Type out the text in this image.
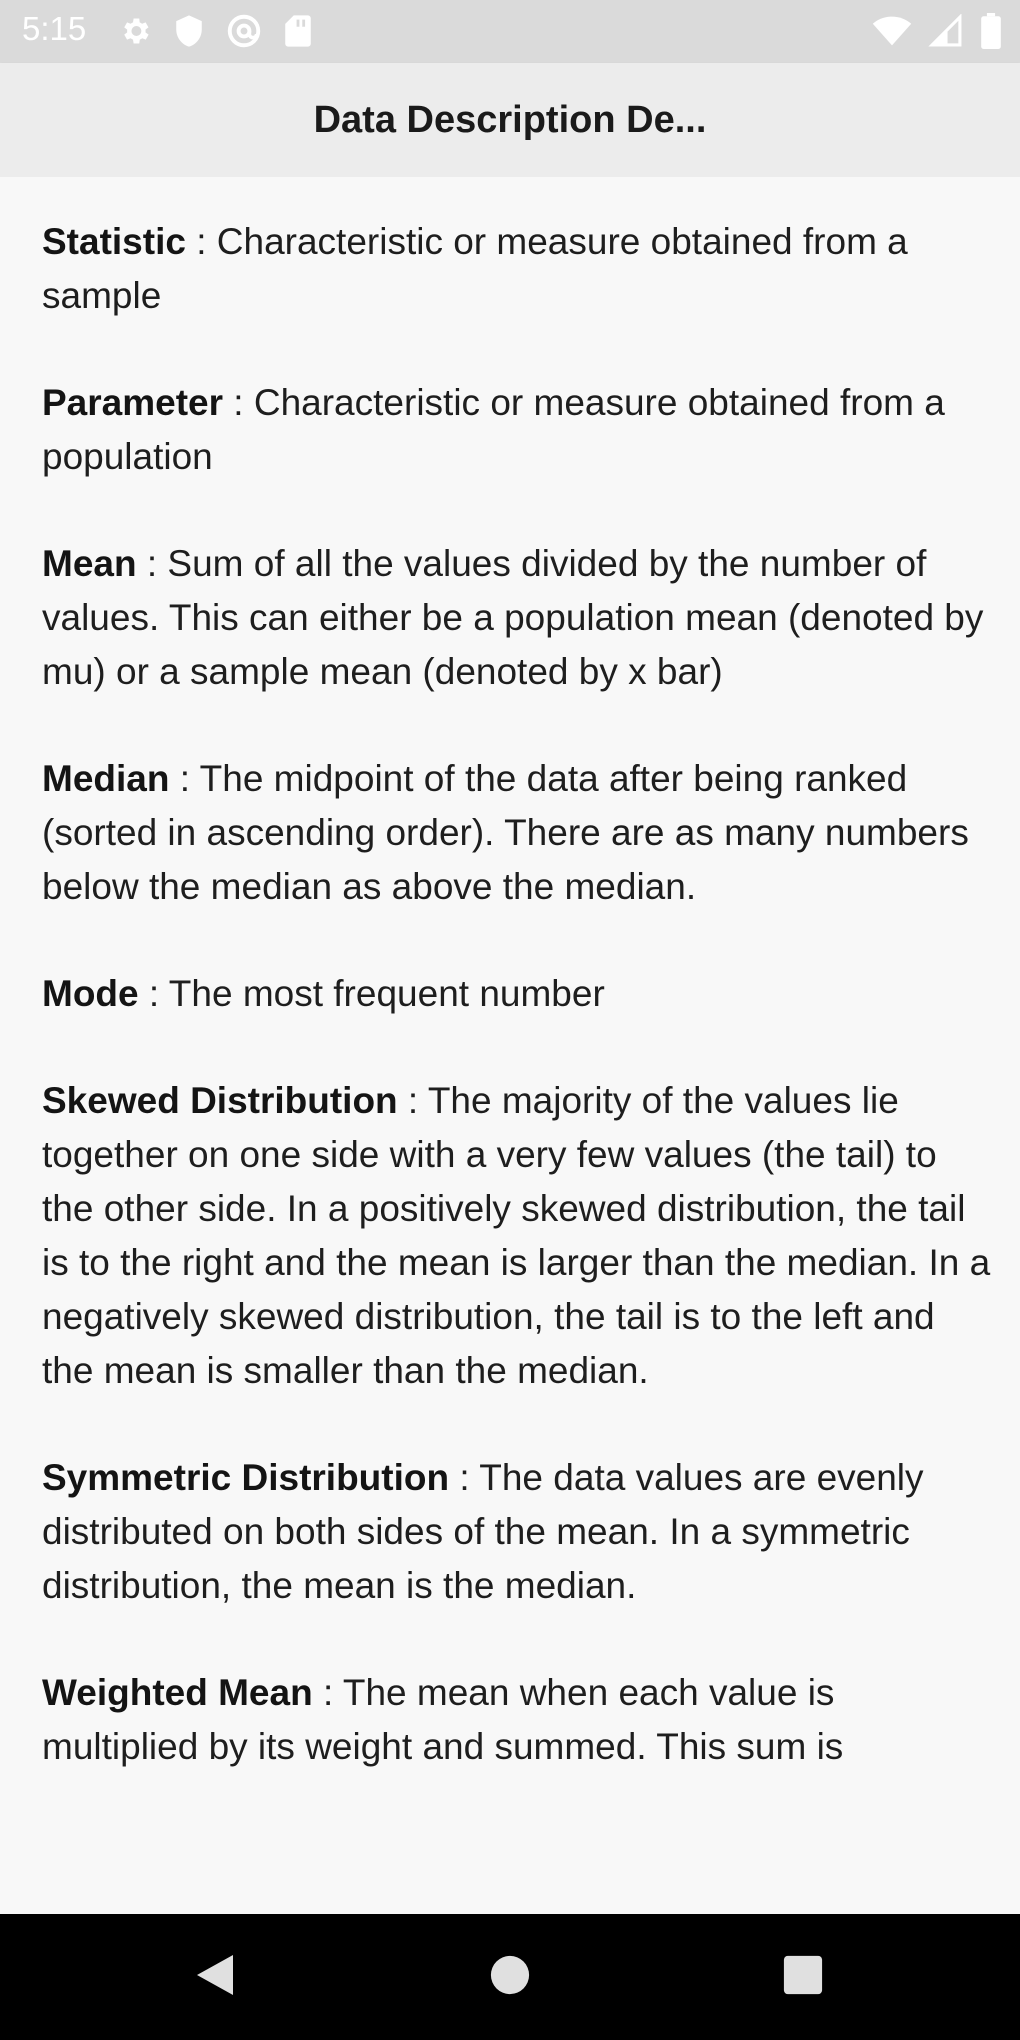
5:15
Data Description De...

Statistic : Characteristic or measure obtained from a sample

Parameter : Characteristic or measure obtained from a population

Mean : Sum of all the values divided by the number of values. This can either be a population mean (denoted by mu) or a sample mean (denoted by x bar)

Median : The midpoint of the data after being ranked (sorted in ascending order). There are as many numbers below the median as above the median.

Mode : The most frequent number

Skewed Distribution : The majority of the values lie together on one side with a very few values (the tail) to the other side. In a positively skewed distribution, the tail is to the right and the mean is larger than the median. In a negatively skewed distribution, the tail is to the left and the mean is smaller than the median.

Symmetric Distribution : The data values are evenly distributed on both sides of the mean. In a symmetric distribution, the mean is the median.

Weighted Mean : The mean when each value is multiplied by its weight and summed. This sum is
